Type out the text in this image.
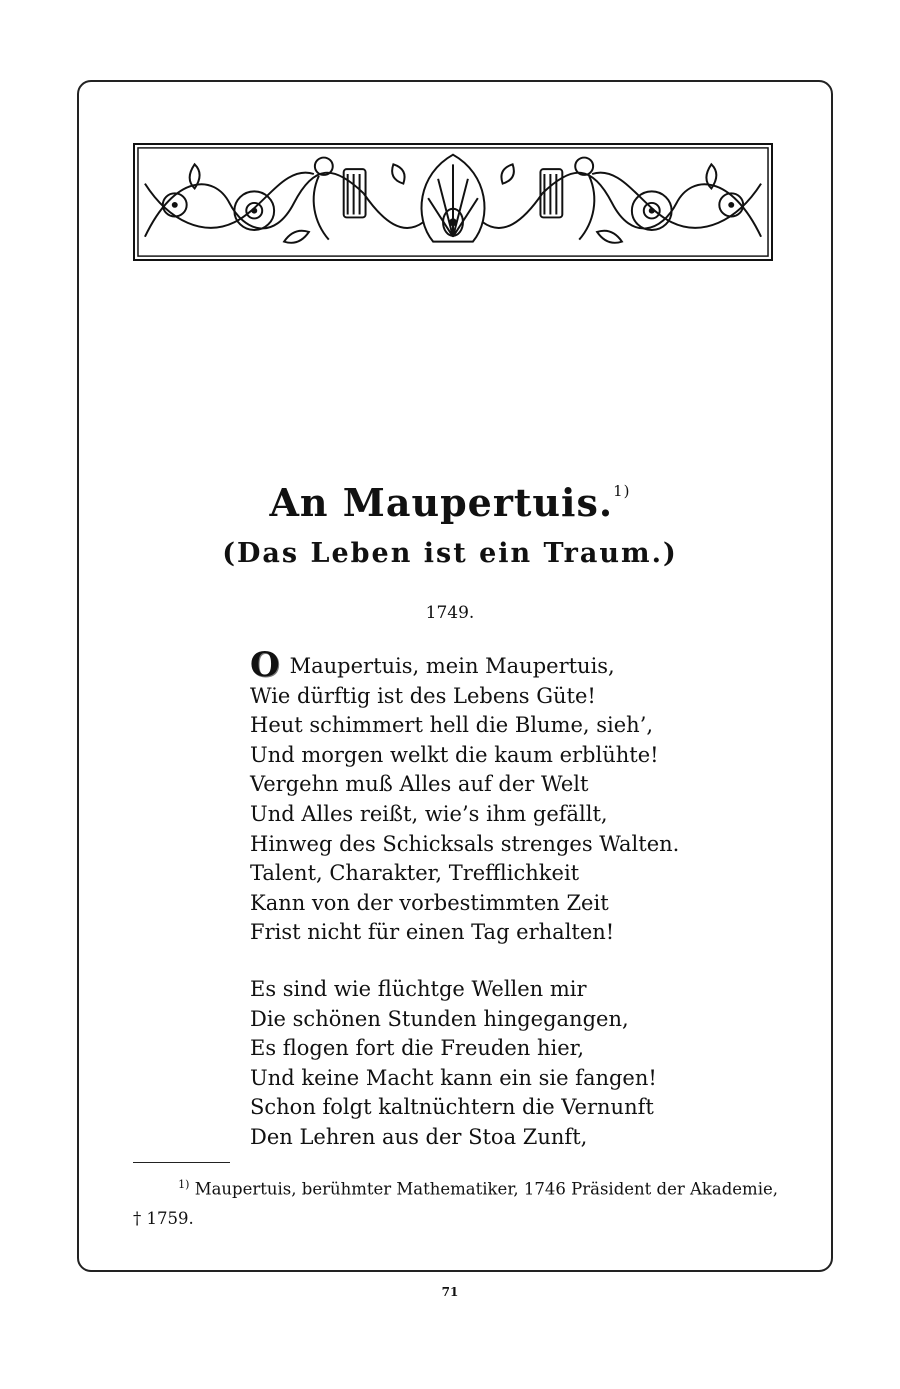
An Maupertuis.$^{1)}$
(Das Leben ist ein Traum.)
1749.
O Maupertuis, mein Maupertuis,
Wie dürftig ist des Lebens Güte!
Heut schimmert hell die Blume, sieh’,
Und morgen welkt die kaum erblühte!
Vergehn muß Alles auf der Welt
Und Alles reißt, wie’s ihm gefällt,
Hinweg des Schicksals strenges Walten.
Talent, Charakter, Trefflichkeit
Kann von der vorbestimmten Zeit
Frist nicht für einen Tag erhalten!
Es sind wie flüchtge Wellen mir
Die schönen Stunden hingegangen,
Es flogen fort die Freuden hier,
Und keine Macht kann ein sie fangen!
Schon folgt kaltnüchtern die Vernunft
Den Lehren aus der Stoa Zunft,
$^{1)}$ Maupertuis, berühmter Mathematiker, 1746 Präsident der Akademie,
† 1759.
71
